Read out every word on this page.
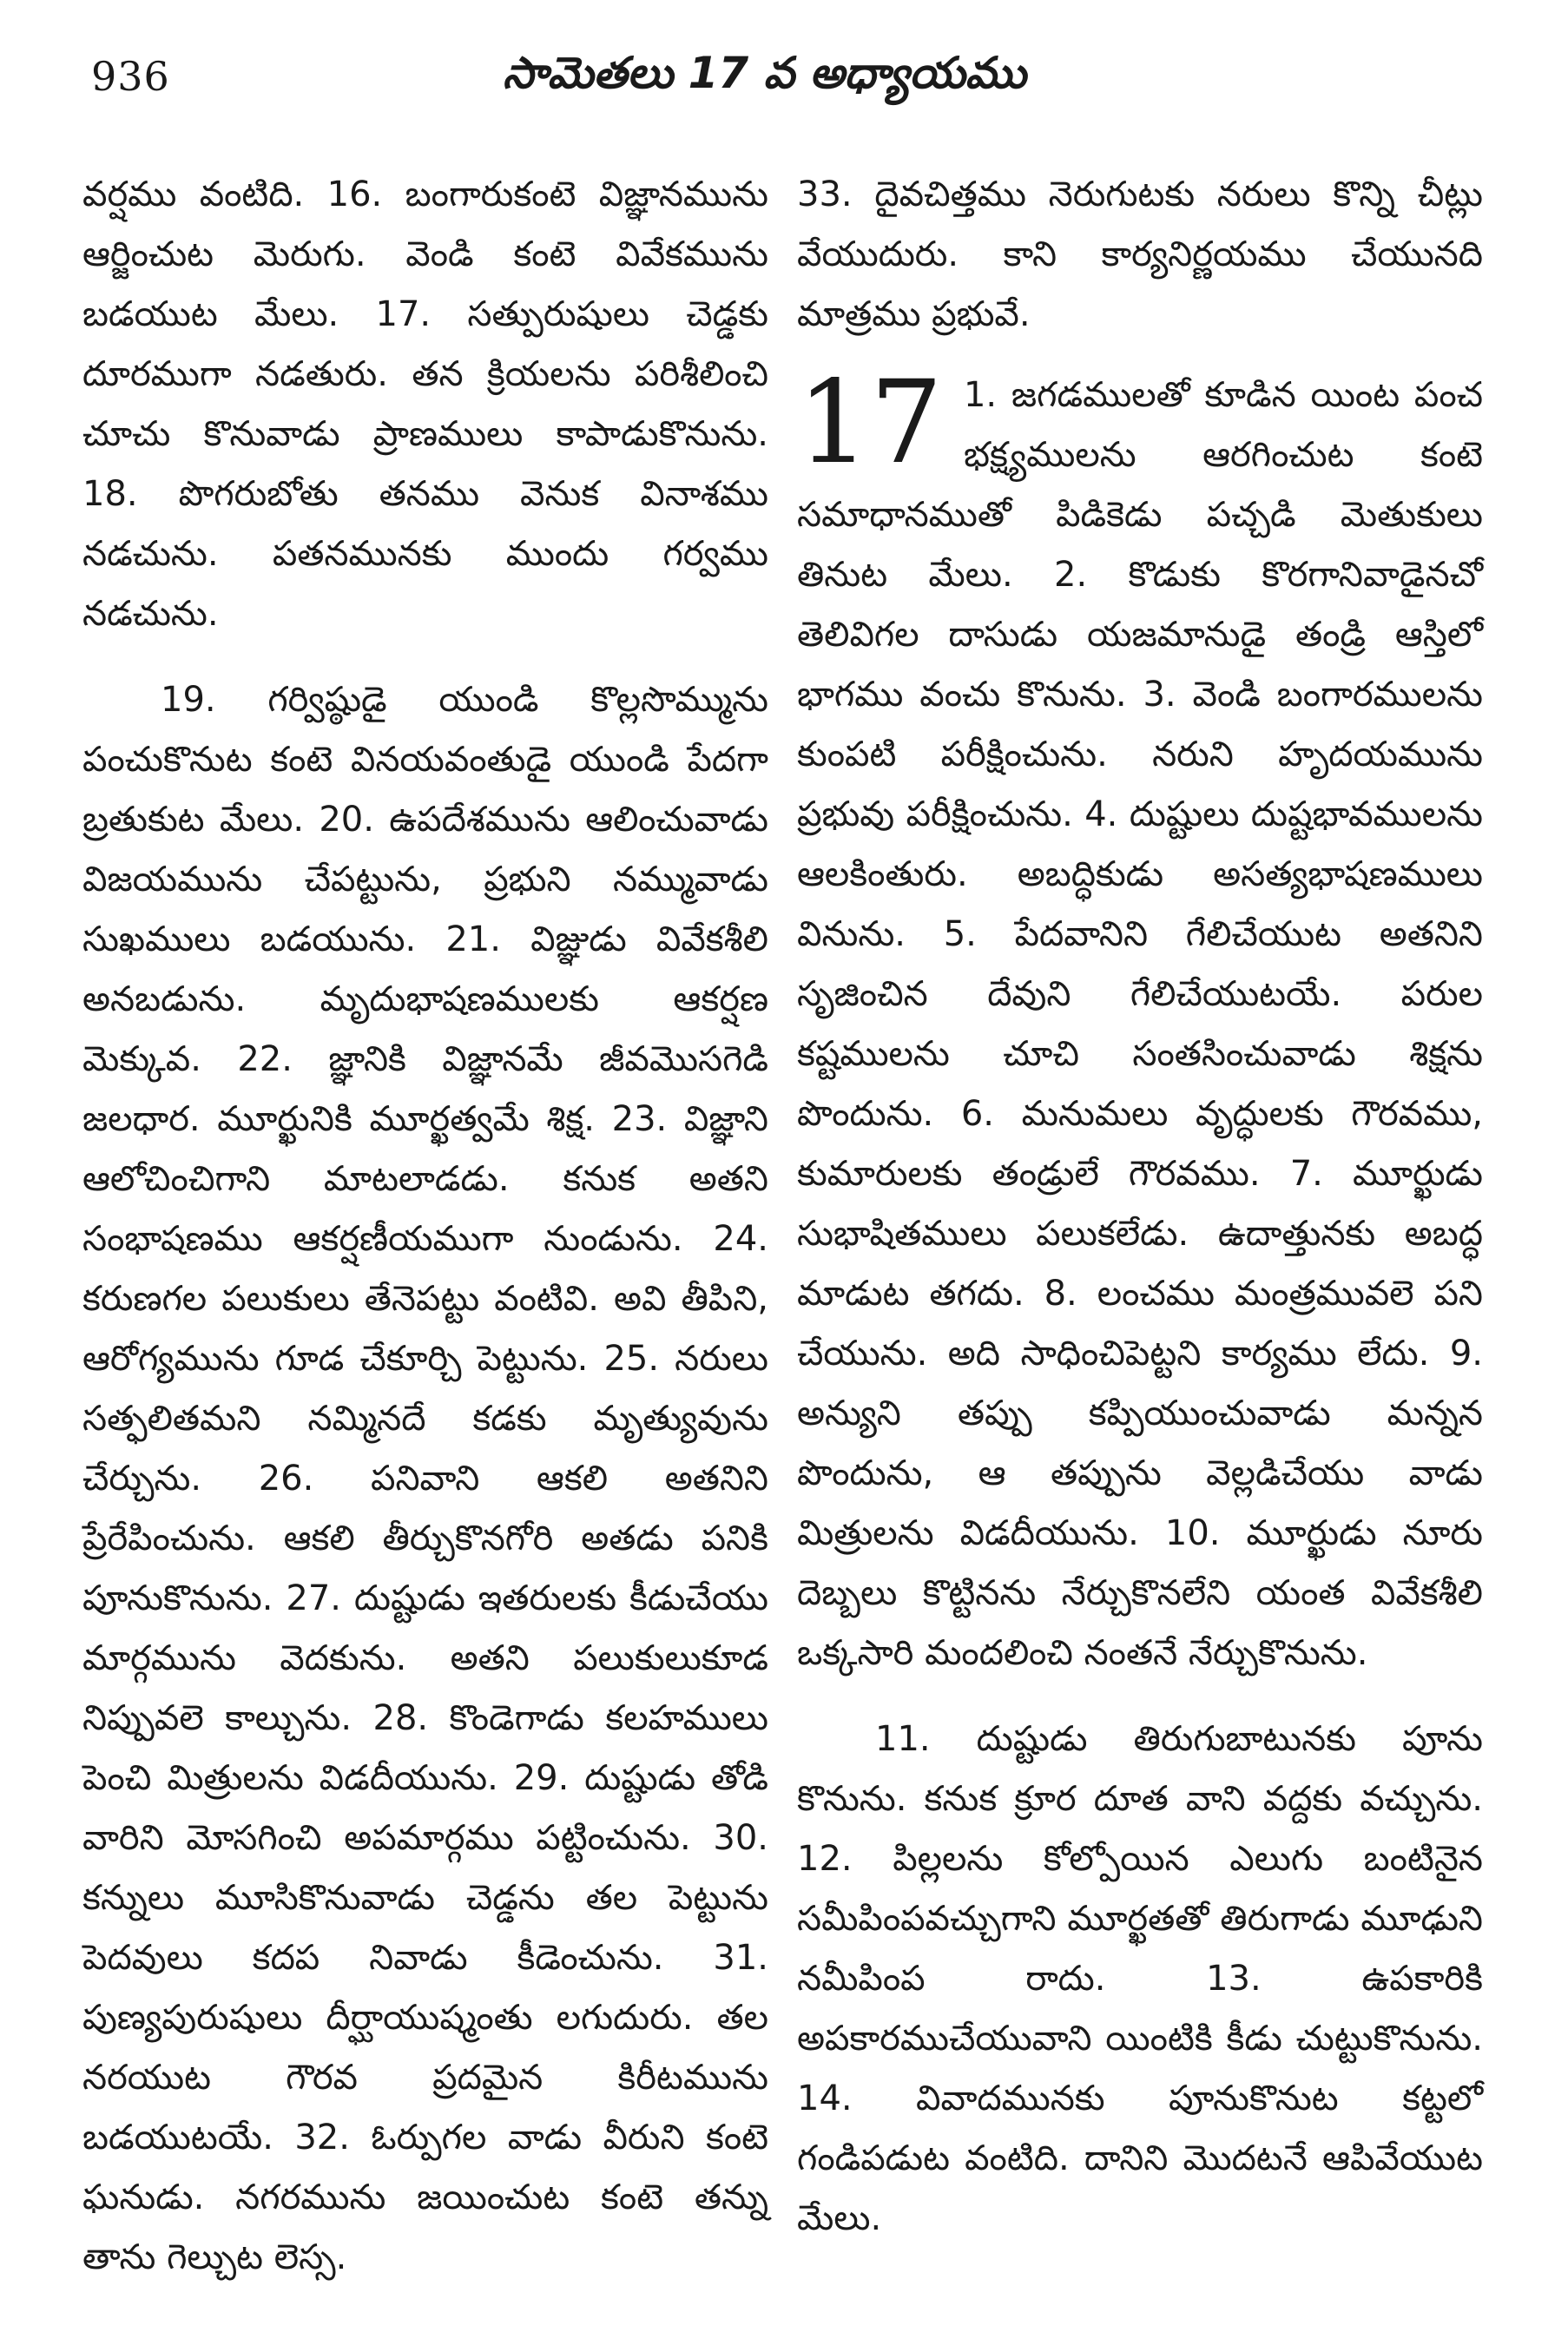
936	సామెతలు 17 వ అధ్యాయము

వర్షము వంటిది. 16. బంగారుకంటె విజ్ఞానమును ఆర్జించుట మెరుగు. వెండి కంటె వివేకమును బడయుట మేలు. 17. సత్పురుషులు చెడ్డకు దూరముగా నడతురు. తన క్రియలను పరిశీలించి చూచు కొనువాడు ప్రాణములు కాపాడుకొనును. 18. పొగరుబోతు తనము వెనుక వినాశము నడచును. పతనమునకు ముందు గర్వము నడచును.

19. గర్విష్ఠుడై యుండి కొల్లసొమ్మును పంచుకొనుట కంటె వినయవంతుడై యుండి పేదగా బ్రతుకుట మేలు. 20. ఉపదేశమును ఆలించువాడు విజయమును చేపట్టును, ప్రభుని నమ్మువాడు సుఖములు బడయును. 21. విజ్ఞుడు వివేకశీలి అనబడును. మృదుభాషణములకు ఆకర్షణ మెక్కువ. 22. జ్ఞానికి విజ్ఞానమే జీవమొసగెడి జలధార. మూర్ఖునికి మూర్ఖత్వమే శిక్ష. 23. విజ్ఞాని ఆలోచించిగాని మాటలాడడు. కనుక అతని సంభాషణము ఆకర్షణీయముగా నుండును. 24. కరుణగల పలుకులు తేనెపట్టు వంటివి. అవి తీపిని, ఆరోగ్యమును గూడ చేకూర్చి పెట్టును. 25. నరులు సత్ఫలితమని నమ్మినదే కడకు మృత్యువును చేర్చును. 26. పనివాని ఆకలి అతనిని ప్రేరేపించును. ఆకలి తీర్చుకొనగోరి అతడు పనికి పూనుకొనును. 27. దుష్టుడు ఇతరులకు కీడుచేయు మార్గమును వెదకును. అతని పలుకులుకూడ నిప్పువలె కాల్చును. 28. కొండెగాడు కలహములు పెంచి మిత్రులను విడదీయును. 29. దుష్టుడు తోడి వారిని మోసగించి అపమార్గము పట్టించును. 30. కన్నులు మూసికొనువాడు చెడ్డను తల పెట్టును పెదవులు కదప నివాడు కీడెంచును. 31. పుణ్యపురుషులు దీర్ఘాయుష్మంతు లగుదురు. తల నరయుట గౌరవ ప్రదమైన కిరీటమును బడయుటయే. 32. ఓర్పుగల వాడు వీరుని కంటె ఘనుడు. నగరమును జయించుట కంటె తన్ను తాను గెల్చుట లెస్స.

33. దైవచిత్తము నెరుగుటకు నరులు కొన్ని చీట్లు వేయుదురు. కాని కార్యనిర్ణయము చేయునది మాత్రము ప్రభువే.

17 1. జగడములతో కూడిన యింట పంచ భక్ష్యములను ఆరగించుట కంటె సమాధానముతో పిడికెడు పచ్చడి మెతుకులు తినుట మేలు. 2. కొడుకు కొరగానివాడైనచో తెలివిగల దాసుడు యజమానుడై తండ్రి ఆస్తిలో భాగము వంచు కొనును. 3. వెండి బంగారములను కుంపటి పరీక్షించును. నరుని హృదయమును ప్రభువు పరీక్షించును. 4. దుష్టులు దుష్టభావములను ఆలకింతురు. అబద్ధికుడు అసత్యభాషణములు వినును. 5. పేదవానిని గేలిచేయుట అతనిని సృజించిన దేవుని గేలిచేయుటయే. పరుల కష్టములను చూచి సంతసించువాడు శిక్షను పొందును. 6. మనుమలు వృద్ధులకు గౌరవము, కుమారులకు తండ్రులే గౌరవము. 7. మూర్ఖుడు సుభాషితములు పలుకలేడు. ఉదాత్తునకు అబద్ధ మాడుట తగదు. 8. లంచము మంత్రమువలె పని చేయును. అది సాధించిపెట్టని కార్యము లేదు. 9. అన్యుని తప్పు కప్పియుంచువాడు మన్నన పొందును, ఆ తప్పును వెల్లడిచేయు వాడు మిత్రులను విడదీయును. 10. మూర్ఖుడు నూరు దెబ్బలు కొట్టినను నేర్చుకొనలేని యంత వివేకశీలి ఒక్కసారి మందలించి నంతనే నేర్చుకొనును.

11. దుష్టుడు తిరుగుబాటునకు పూను కొనును. కనుక క్రూర దూత వాని వద్దకు వచ్చును. 12. పిల్లలను కోల్పోయిన ఎలుగు బంటినైన సమీపింపవచ్చుగాని మూర్ఖతతో తిరుగాడు మూఢుని నమీపింప రాదు. 13. ఉపకారికి అపకారముచేయువాని యింటికి కీడు చుట్టుకొనును. 14. వివాదమునకు పూనుకొనుట కట్టలో గండిపడుట వంటిది. దానిని మొదటనే ఆపివేయుట మేలు.
